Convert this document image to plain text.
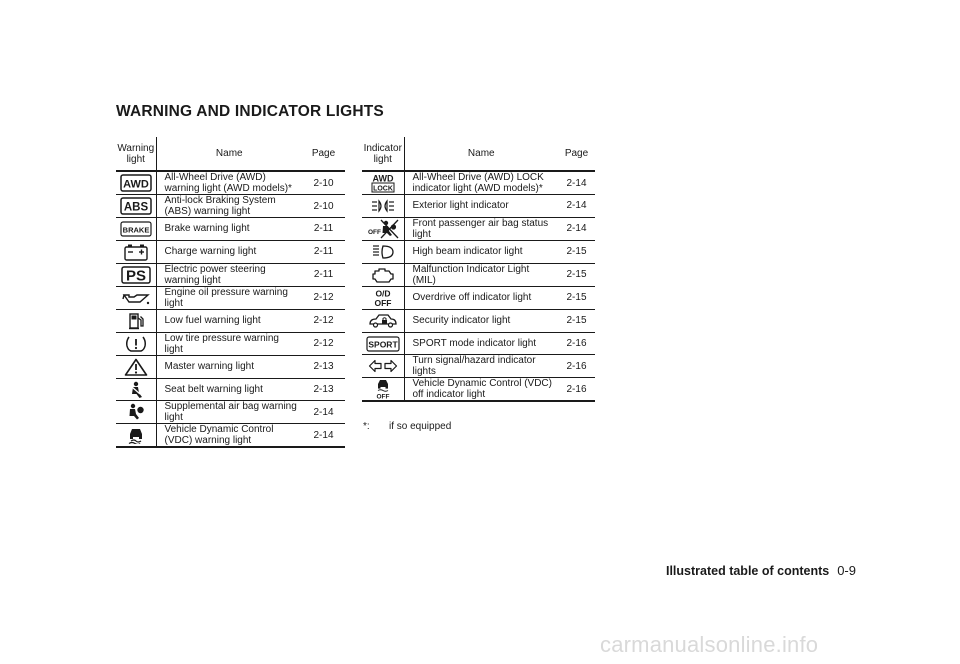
WARNING AND INDICATOR LIGHTS
Warning light	Name	Page

AWD	All-Wheel Drive (AWD) warning light (AWD models)*	2-10

ABS	Anti-lock Braking System (ABS) warning light	2-10

BRAKE	Brake warning light	2-11

	Charge warning light	2-11

PS	Electric power steering warning light	2-11

	Engine oil pressure warning light	2-12

	Low fuel warning light	2-12

	Low tire pressure warning light	2-12

	Master warning light	2-13

	Seat belt warning light	2-13

	Supplemental air bag warning light	2-14

	Vehicle Dynamic Control (VDC) warning light	2-14
Indicator light	Name	Page

AWD
LOCK	All-Wheel Drive (AWD) LOCK indicator light (AWD models)*	2-14

	Exterior light indicator	2-14

OFF	Front passenger air bag status light	2-14

	High beam indicator light	2-15

	Malfunction Indicator Light (MIL)	2-15

O/D
OFF	Overdrive off indicator light	2-15

	Security indicator light	2-15

SPORT	SPORT mode indicator light	2-16

	Turn signal/hazard indicator lights	2-16

OFF	Vehicle Dynamic Control (VDC) off indicator light	2-16
*: if so equipped
Illustrated table of contents 0-9
carmanualsonline.info
